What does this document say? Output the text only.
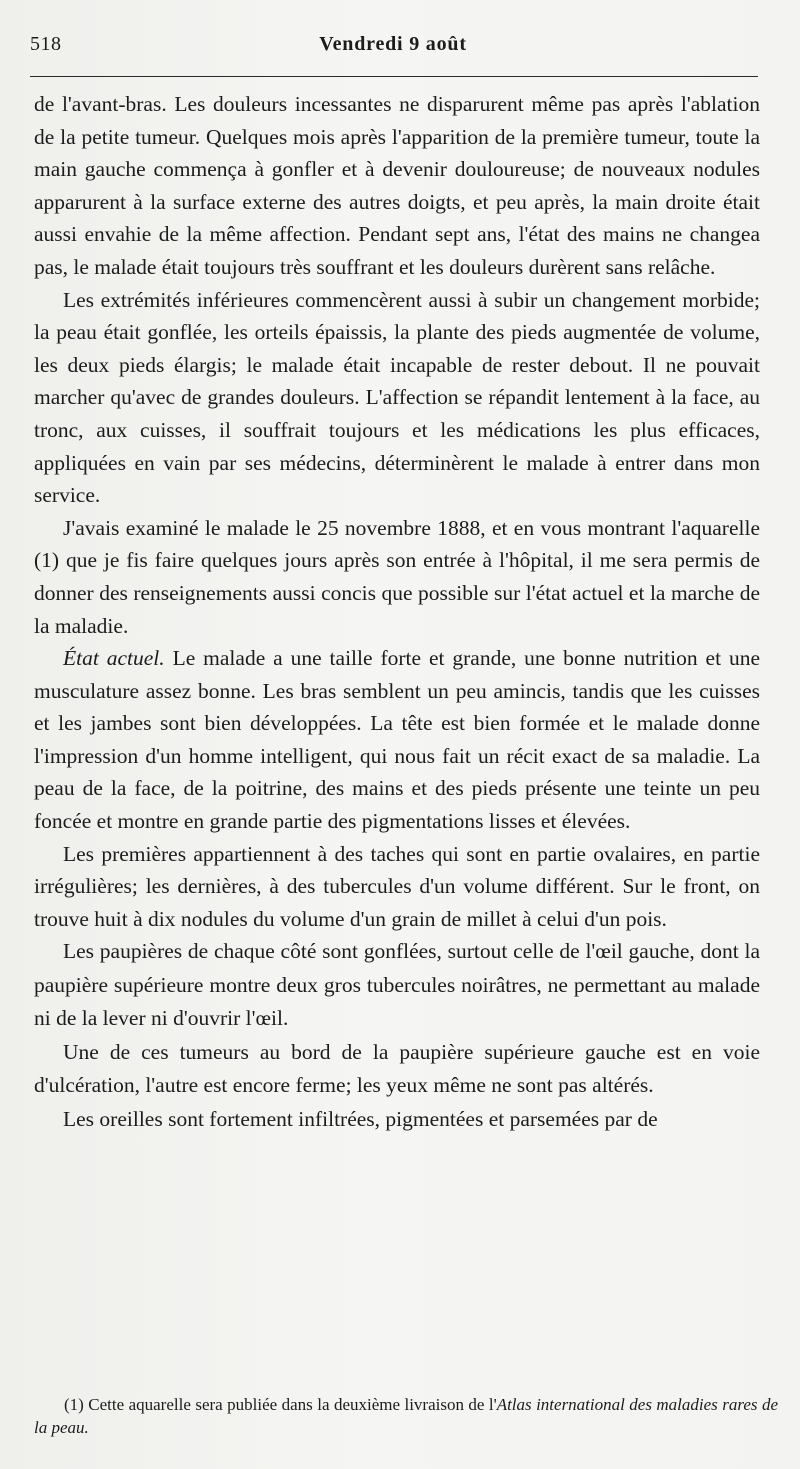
518	Vendredi 9 août

de l'avant-bras. Les douleurs incessantes ne disparurent même pas après l'ablation de la petite tumeur. Quelques mois après l'apparition de la première tumeur, toute la main gauche commença à gonfler et à devenir douloureuse; de nouveaux nodules apparurent à la surface externe des autres doigts, et peu après, la main droite était aussi envahie de la même affection. Pendant sept ans, l'état des mains ne changea pas, le malade était toujours très souffrant et les douleurs durèrent sans relâche.

Les extrémités inférieures commencèrent aussi à subir un changement morbide; la peau était gonflée, les orteils épaissis, la plante des pieds augmentée de volume, les deux pieds élargis; le malade était incapable de rester debout. Il ne pouvait marcher qu'avec de grandes douleurs. L'affection se répandit lentement à la face, au tronc, aux cuisses, il souffrait toujours et les médications les plus efficaces, appliquées en vain par ses médecins, déterminèrent le malade à entrer dans mon service.

J'avais examiné le malade le 25 novembre 1888, et en vous montrant l'aquarelle (1) que je fis faire quelques jours après son entrée à l'hôpital, il me sera permis de donner des renseignements aussi concis que possible sur l'état actuel et la marche de la maladie.

État actuel. Le malade a une taille forte et grande, une bonne nutrition et une musculature assez bonne. Les bras semblent un peu amincis, tandis que les cuisses et les jambes sont bien développées. La tête est bien formée et le malade donne l'impression d'un homme intelligent, qui nous fait un récit exact de sa maladie. La peau de la face, de la poitrine, des mains et des pieds présente une teinte un peu foncée et montre en grande partie des pigmentations lisses et élevées.

Les premières appartiennent à des taches qui sont en partie ovalaires, en partie irrégulières; les dernières, à des tubercules d'un volume différent. Sur le front, on trouve huit à dix nodules du volume d'un grain de millet à celui d'un pois.

Les paupières de chaque côté sont gonflées, surtout celle de l'œil gauche, dont la paupière supérieure montre deux gros tubercules noirâtres, ne permettant au malade ni de la lever ni d'ouvrir l'œil.

Une de ces tumeurs au bord de la paupière supérieure gauche est en voie d'ulcération, l'autre est encore ferme; les yeux même ne sont pas altérés.

Les oreilles sont fortement infiltrées, pigmentées et parsemées par de

(1) Cette aquarelle sera publiée dans la deuxième livraison de l'Atlas international des maladies rares de la peau.
